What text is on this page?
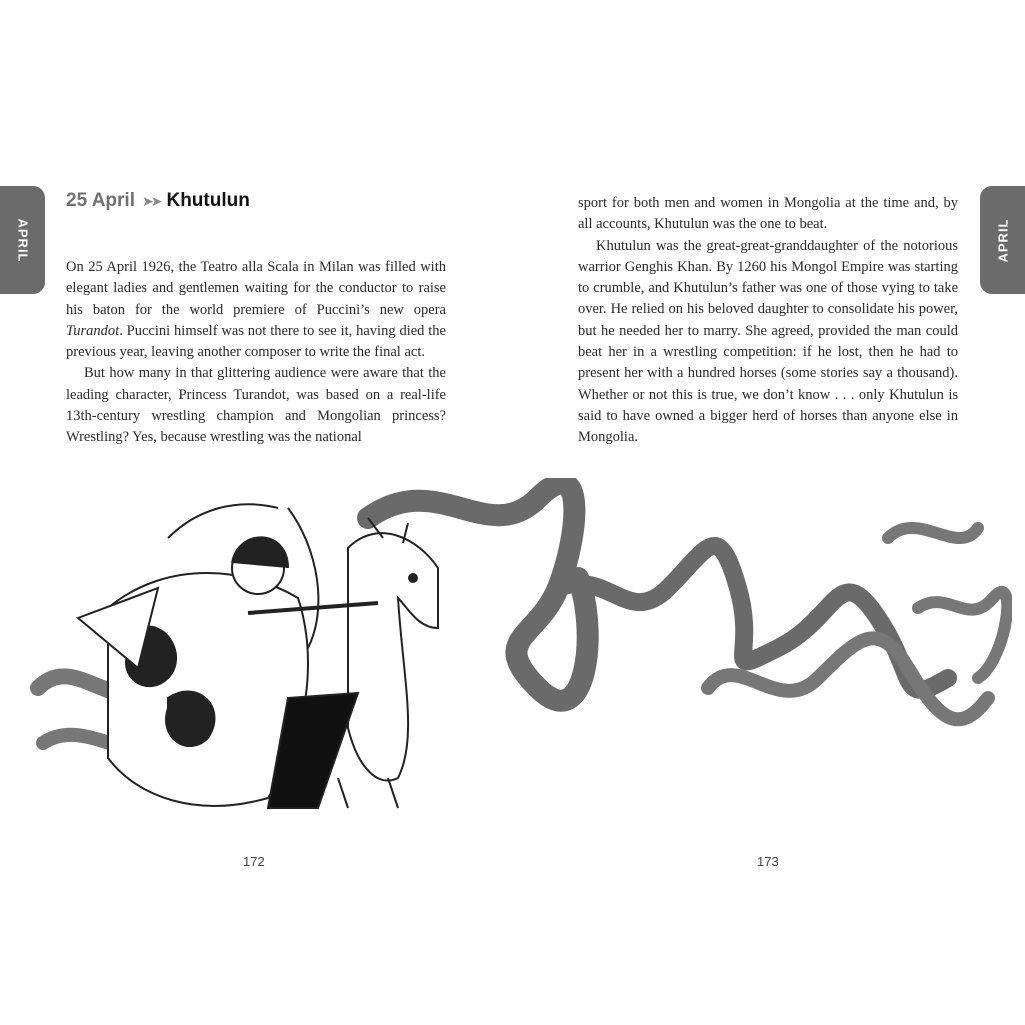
APRIL	APRIL
25 April ➤➤ Khutulun

On 25 April 1926, the Teatro alla Scala in Milan was filled with elegant ladies and gentlemen waiting for the conductor to raise his baton for the world premiere of Puccini’s new opera Turandot. Puccini himself was not there to see it, having died the previous year, leaving another composer to write the final act.

But how many in that glittering audience were aware that the leading character, Princess Turandot, was based on a real-life 13th-century wrestling champion and Mongolian princess? Wrestling? Yes, because wrestling was the national

sport for both men and women in Mongolia at the time and, by all accounts, Khutulun was the one to beat.

Khutulun was the great-great-granddaughter of the notorious warrior Genghis Khan. By 1260 his Mongol Empire was starting to crumble, and Khutulun’s father was one of those vying to take over. He relied on his beloved daughter to consolidate his power, but he needed her to marry. She agreed, provided the man could beat her in a wrestling competition: if he lost, then he had to present her with a hundred horses (some stories say a thousand). Whether or not this is true, we don’t know . . . only Khutulun is said to have owned a bigger herd of horses than anyone else in Mongolia.

172	173
